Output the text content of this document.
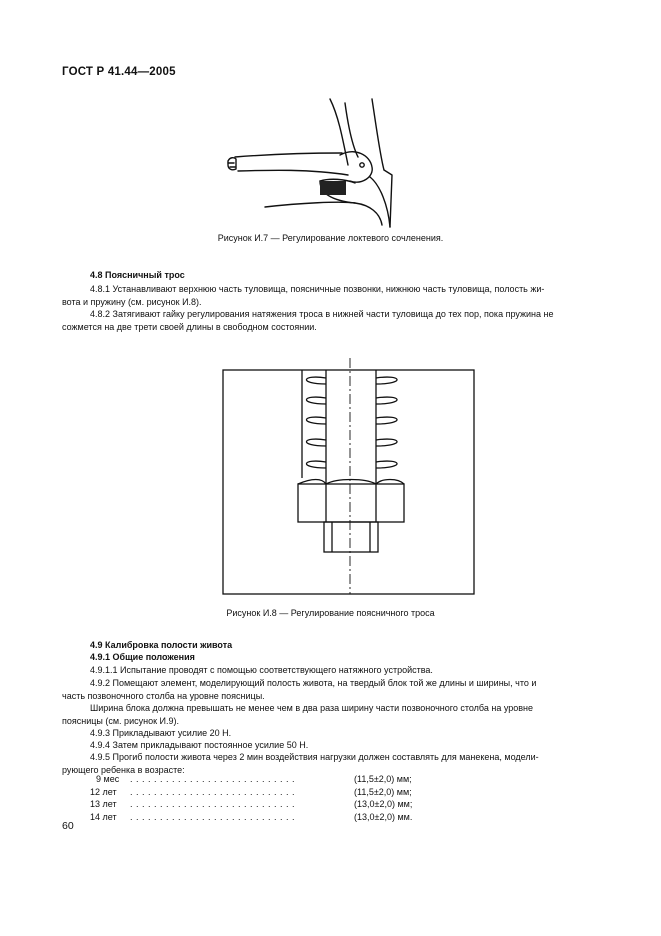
ГОСТ Р 41.44—2005
Рисунок И.7 — Регулирование локтевого сочленения.
4.8 Поясничный трос
4.8.1 Устанавливают верхнюю часть туловища, поясничные позвонки, нижнюю часть туловища, полость жи-
вота и пружину (см. рисунок И.8).
4.8.2 Затягивают гайку регулирования натяжения троса в нижней части туловища до тех пор, пока пружина не
сожмется на две трети своей длины в свободном состоянии.
Рисунок И.8 — Регулирование поясничного троса
4.9 Калибровка полости живота
4.9.1 Общие положения
4.9.1.1 Испытание проводят с помощью соответствующего натяжного устройства.
4.9.2 Помещают элемент, моделирующий полость живота, на твердый блок той же длины и ширины, что и
часть позвоночного столба на уровне поясницы.
Ширина блока должна превышать не менее чем в два раза ширину части позвоночного столба на уровне
поясницы (см. рисунок И.9).
4.9.3 Прикладывают усилие 20 Н.
4.9.4 Затем прикладывают постоянное усилие 50 Н.
4.9.5 Прогиб полости живота через 2 мин воздействия нагрузки должен составлять для манекена, модели-
рующего ребенка в возрасте:
9 мес . . . . . . . . . . . . . . . . . . . . . . . . . . . .	(11,5±2,0) мм;
12 лет . . . . . . . . . . . . . . . . . . . . . . . . . . . .	(11,5±2,0) мм;
13 лет . . . . . . . . . . . . . . . . . . . . . . . . . . . .	(13,0±2,0) мм;
14 лет . . . . . . . . . . . . . . . . . . . . . . . . . . . .	(13,0±2,0) мм.
60
